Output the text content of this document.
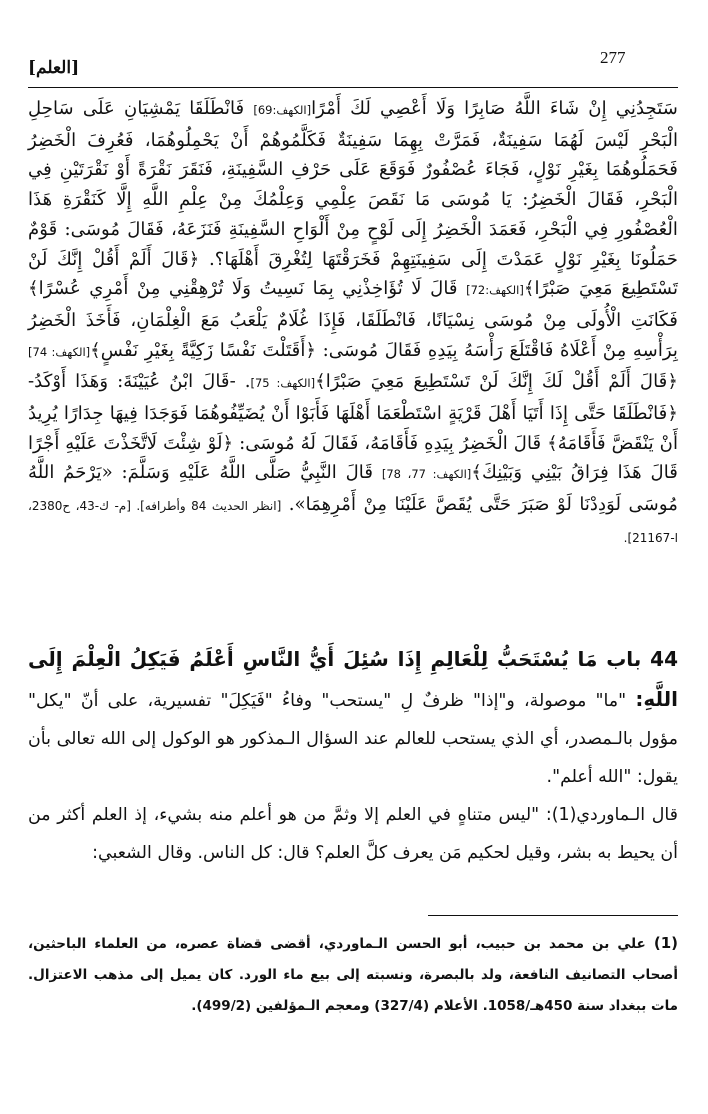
277
[العلم]
سَتَجِدُنِي إِنْ شَاءَ اللَّهُ صَابِرًا وَلَا أَعْصِي لَكَ أَمْرًا[الكهف:69] فَانْطَلَقَا يَمْشِيَانِ عَلَى سَاحِلِ الْبَحْرِ لَيْسَ لَهُمَا سَفِينَةٌ، فَمَرَّتْ بِهِمَا سَفِينَةٌ فَكَلَّمُوهُمْ أَنْ يَحْمِلُوهُمَا، فَعُرِفَ الْخَضِرُ فَحَمَلُوهُمَا بِغَيْرِ نَوْلٍ، فَجَاءَ عُصْفُورٌ فَوَقَعَ عَلَى حَرْفِ السَّفِينَةِ، فَنَقَرَ نَقْرَةً أَوْ نَقْرَتَيْنِ فِي الْبَحْرِ، فَقَالَ الْخَضِرُ: يَا مُوسَى مَا نَقَصَ عِلْمِي وَعِلْمُكَ مِنْ عِلْمِ اللَّهِ إِلَّا كَنَقْرَةِ هَذَا الْعُصْفُورِ فِي الْبَحْرِ، فَعَمَدَ الْخَضِرُ إِلَى لَوْحٍ مِنْ أَلْوَاحِ السَّفِينَةِ فَنَزَعَهُ، فَقَالَ مُوسَى: قَوْمٌ حَمَلُونَا بِغَيْرِ نَوْلٍ عَمَدْتَ إِلَى سَفِينَتِهِمْ فَخَرَقْتَهَا لِتُغْرِقَ أَهْلَهَا؟. ﴿قَالَ أَلَمْ أَقُلْ إِنَّكَ لَنْ تَسْتَطِيعَ مَعِيَ صَبْرًا﴾[الكهف:72] قَالَ لَا تُؤَاخِذْنِي بِمَا نَسِيتُ وَلَا تُرْهِقْنِي مِنْ أَمْرِي عُسْرًا﴾ فَكَانَتِ الْأُولَى مِنْ مُوسَى نِسْيَانًا، فَانْطَلَقَا، فَإِذَا غُلَامٌ يَلْعَبُ مَعَ الْغِلْمَانِ، فَأَخَذَ الْخَضِرُ بِرَأْسِهِ مِنْ أَعْلَاهُ فَاقْتَلَعَ رَأْسَهُ بِيَدِهِ فَقَالَ مُوسَى: ﴿أَقَتَلْتَ نَفْسًا زَكِيَّةً بِغَيْرِ نَفْسٍ﴾[الكهف: 74] ﴿قَالَ أَلَمْ أَقُلْ لَكَ إِنَّكَ لَنْ تَسْتَطِيعَ مَعِيَ صَبْرًا﴾[الكهف: 75]. -قَالَ ابْنُ عُيَيْنَةَ: وَهَذَا أَوْكَدُ- ﴿فَانْطَلَقَا حَتَّى إِذَا أَتَيَا أَهْلَ قَرْيَةٍ اسْتَطْعَمَا أَهْلَهَا فَأَبَوْا أَنْ يُضَيِّفُوهُمَا فَوَجَدَا فِيهَا جِدَارًا يُرِيدُ أَنْ يَنْقَضَّ فَأَقَامَهُ﴾ قَالَ الْخَضِرُ بِيَدِهِ فَأَقَامَهُ، فَقَالَ لَهُ مُوسَى: ﴿لَوْ شِئْتَ لَاتَّخَذْتَ عَلَيْهِ أَجْرًا قَالَ هَذَا فِرَاقُ بَيْنِي وَبَيْنِكَ﴾[الكهف: 77، 78] قَالَ النَّبِيُّ صَلَّى اللَّهُ عَلَيْهِ وَسَلَّمَ: «يَرْحَمُ اللَّهُ مُوسَى لَوَدِدْنَا لَوْ صَبَرَ حَتَّى يُقَصَّ عَلَيْنَا مِنْ أَمْرِهِمَا». [انظر الحديث 84 وأطرافه]. [م- ك-43، ح2380، ا-21167].
44 باب مَا يُسْتَحَبُّ لِلْعَالِمِ إِذَا سُئِلَ أَيُّ النَّاسِ أَعْلَمُ فَيَكِلُ الْعِلْمَ إِلَى اللَّهِ: "ما" موصولة، و"إذا" ظرفٌ لِ "يستحب" وفاءُ "فَيَكِلَ" تفسيرية، على أنّ "يكل" مؤول بالـمصدر، أي الذي يستحب للعالم عند السؤال الـمذكور هو الوكول إلى الله تعالى بأن يقول: "الله أعلم".
قال الـماوردي(1): "ليس متناهٍ في العلم إلا وثمَّ من هو أعلم منه بشيء، إذ العلم أكثر من أن يحيط به بشر، وقيل لحكيم مَن يعرف كلَّ العلم؟ قال: كل الناس. وقال الشعبي:
(1) علي بن محمد بن حبيب، أبو الحسن الـماوردي، أقضى قضاة عصره، من العلماء الباحثين، أصحاب التصانيف النافعة، ولد بالبصرة، ونسبته إلى بيع ماء الورد. كان يميل إلى مذهب الاعتزال. مات ببغداد سنة 450هـ/1058. الأعلام (327/4) ومعجم الـمؤلفين (499/2).
